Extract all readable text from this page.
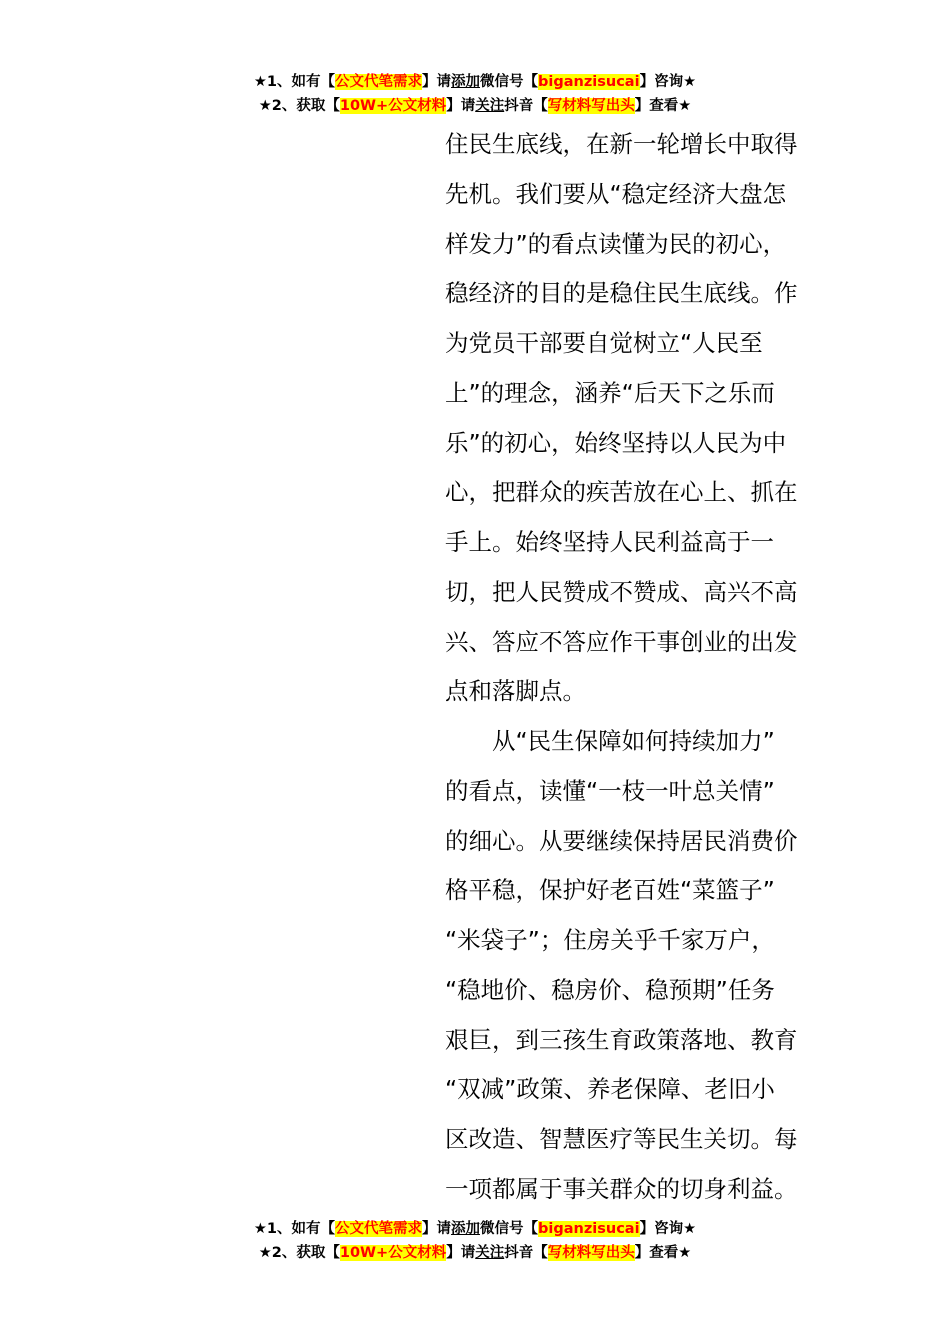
★1、如有【公文代笔需求】请添加微信号【biganzisucai】咨询★
★2、获取【10W+公文材料】请关注抖音【写材料写出头】查看★
住民生底线，在新一轮增长中取得
先机。我们要从“稳定经济大盘怎
样发力”的看点读懂为民的初心，
稳经济的目的是稳住民生底线。作
为党员干部要自觉树立“人民至
上”的理念，涵养“后天下之乐而
乐”的初心，始终坚持以人民为中
心，把群众的疾苦放在心上、抓在
手上。始终坚持人民利益高于一
切，把人民赞成不赞成、高兴不高
兴、答应不答应作干事创业的出发
点和落脚点。
从“民生保障如何持续加力”
的看点，读懂“一枝一叶总关情”
的细心。从要继续保持居民消费价
格平稳，保护好老百姓“菜篮子”
“米袋子”；住房关乎千家万户，
“稳地价、稳房价、稳预期”任务
艰巨，到三孩生育政策落地、教育
“双减”政策、养老保障、老旧小
区改造、智慧医疗等民生关切。每
一项都属于事关群众的切身利益。
★1、如有【公文代笔需求】请添加微信号【biganzisucai】咨询★
★2、获取【10W+公文材料】请关注抖音【写材料写出头】查看★
